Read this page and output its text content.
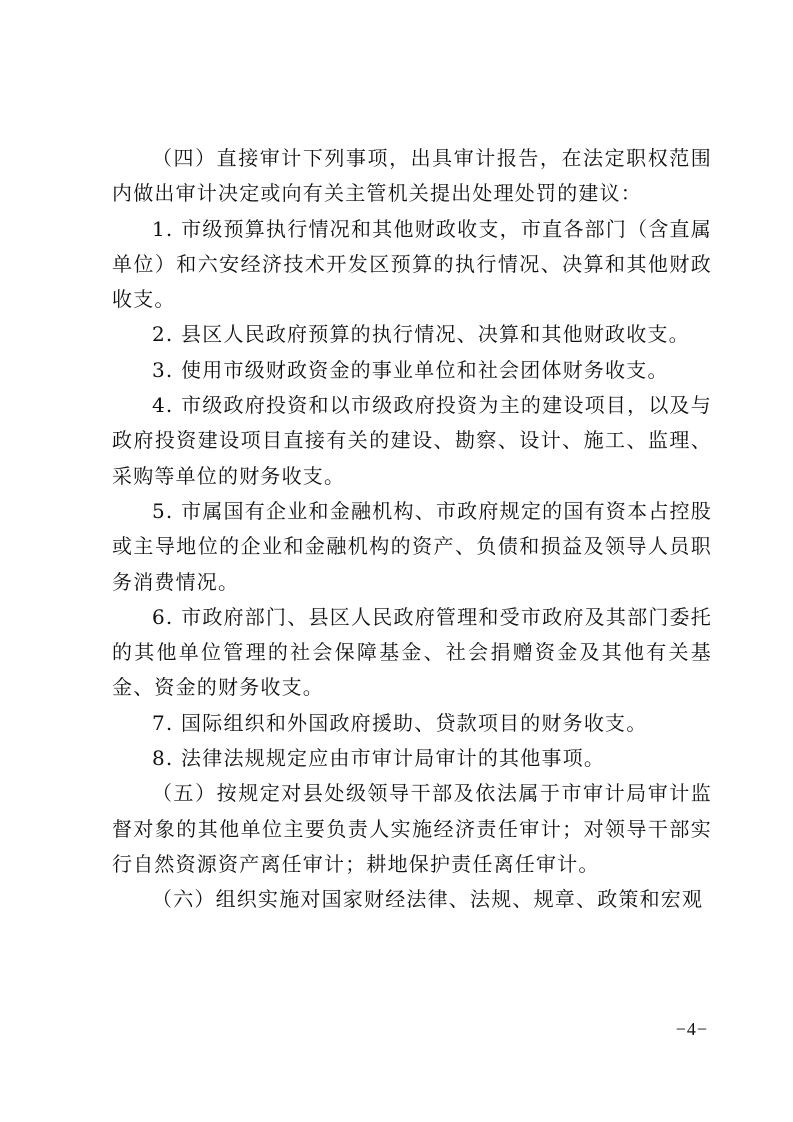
（四）直接审计下列事项，出具审计报告，在法定职权范围内做出审计决定或向有关主管机关提出处理处罚的建议：

1. 市级预算执行情况和其他财政收支，市直各部门（含直属单位）和六安经济技术开发区预算的执行情况、决算和其他财政收支。

2. 县区人民政府预算的执行情况、决算和其他财政收支。

3. 使用市级财政资金的事业单位和社会团体财务收支。

4. 市级政府投资和以市级政府投资为主的建设项目，以及与政府投资建设项目直接有关的建设、勘察、设计、施工、监理、采购等单位的财务收支。

5. 市属国有企业和金融机构、市政府规定的国有资本占控股或主导地位的企业和金融机构的资产、负债和损益及领导人员职务消费情况。

6. 市政府部门、县区人民政府管理和受市政府及其部门委托的其他单位管理的社会保障基金、社会捐赠资金及其他有关基金、资金的财务收支。

7. 国际组织和外国政府援助、贷款项目的财务收支。

8. 法律法规规定应由市审计局审计的其他事项。

（五）按规定对县处级领导干部及依法属于市审计局审计监督对象的其他单位主要负责人实施经济责任审计；对领导干部实行自然资源资产离任审计；耕地保护责任离任审计。

（六）组织实施对国家财经法律、法规、规章、政策和宏观

−4−
